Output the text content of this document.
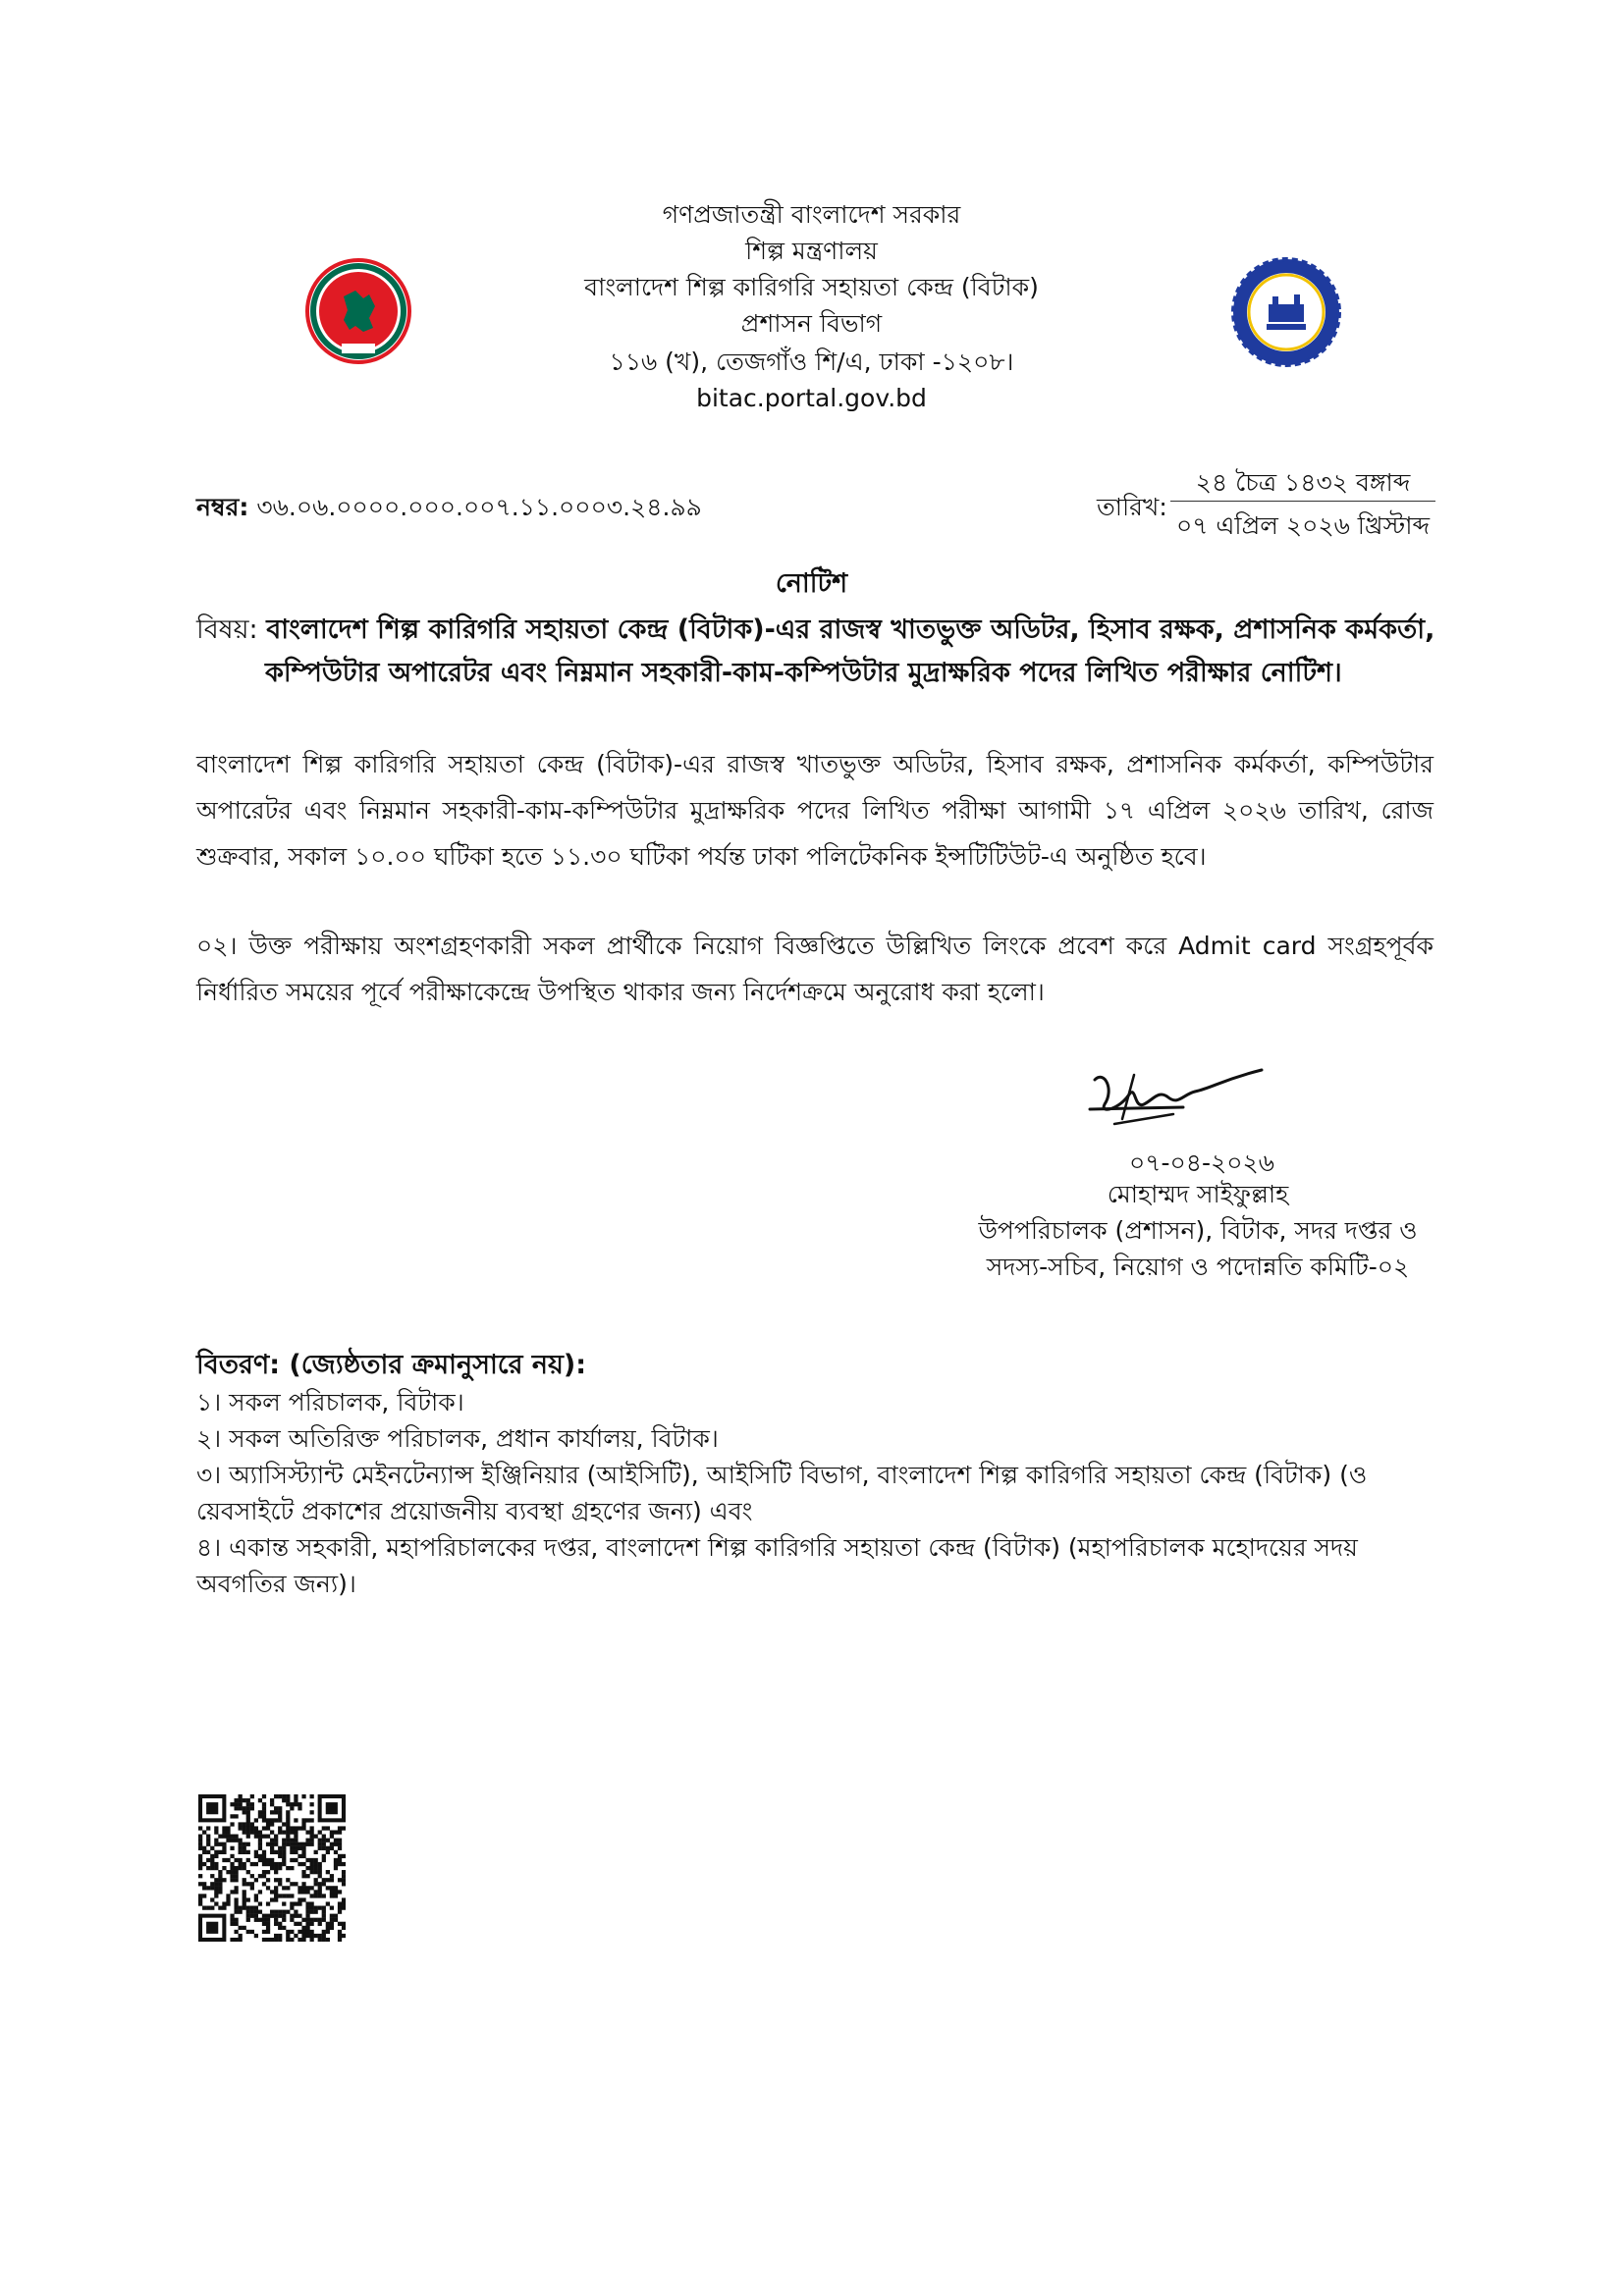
গণপ্রজাতন্ত্রী বাংলাদেশ সরকার
শিল্প মন্ত্রণালয়
বাংলাদেশ শিল্প কারিগরি সহায়তা কেন্দ্র (বিটাক)
প্রশাসন বিভাগ
১১৬ (খ), তেজগাঁও শি/এ, ঢাকা -১২০৮।
bitac.portal.gov.bd
নম্বর: ৩৬.০৬.০০০০.০০০.০০৭.১১.০০০৩.২৪.৯৯	তারিখ:
২৪ চৈত্র ১৪৩২ বঙ্গাব্দ
০৭ এপ্রিল ২০২৬ খ্রিস্টাব্দ
নোটিশ
বিষয়: বাংলাদেশ শিল্প কারিগরি সহায়তা কেন্দ্র (বিটাক)-এর রাজস্ব খাতভুক্ত অডিটর, হিসাব রক্ষক, প্রশাসনিক কর্মকর্তা,
কম্পিউটার অপারেটর এবং নিম্নমান সহকারী-কাম-কম্পিউটার মুদ্রাক্ষরিক পদের লিখিত পরীক্ষার নোটিশ।
বাংলাদেশ শিল্প কারিগরি সহায়তা কেন্দ্র (বিটাক)-এর রাজস্ব খাতভুক্ত অডিটর, হিসাব রক্ষক, প্রশাসনিক কর্মকর্তা, কম্পিউটার অপারেটর এবং নিম্নমান সহকারী-কাম-কম্পিউটার মুদ্রাক্ষরিক পদের লিখিত পরীক্ষা আগামী ১৭ এপ্রিল ২০২৬ তারিখ, রোজ শুক্রবার, সকাল ১০.০০ ঘটিকা হতে ১১.৩০ ঘটিকা পর্যন্ত ঢাকা পলিটেকনিক ইন্সটিটিউট-এ অনুষ্ঠিত হবে।
০২। উক্ত পরীক্ষায় অংশগ্রহণকারী সকল প্রার্থীকে নিয়োগ বিজ্ঞপ্তিতে উল্লিখিত লিংকে প্রবেশ করে Admit card সংগ্রহপূর্বক নির্ধারিত সময়ের পূর্বে পরীক্ষাকেন্দ্রে উপস্থিত থাকার জন্য নির্দেশক্রমে অনুরোধ করা হলো।
০৭-০৪-২০২৬
মোহাম্মদ সাইফুল্লাহ
উপপরিচালক (প্রশাসন), বিটাক, সদর দপ্তর ও
সদস্য-সচিব, নিয়োগ ও পদোন্নতি কমিটি-০২
বিতরণ: (জ্যেষ্ঠতার ক্রমানুসারে নয়):
১। সকল পরিচালক, বিটাক।
২। সকল অতিরিক্ত পরিচালক, প্রধান কার্যালয়, বিটাক।
৩। অ্যাসিস্ট্যান্ট মেইনটেন্যান্স ইঞ্জিনিয়ার (আইসিটি), আইসিটি বিভাগ, বাংলাদেশ শিল্প কারিগরি সহায়তা কেন্দ্র (বিটাক) (ও য়েবসাইটে প্রকাশের প্রয়োজনীয় ব্যবস্থা গ্রহণের জন্য) এবং
৪। একান্ত সহকারী, মহাপরিচালকের দপ্তর, বাংলাদেশ শিল্প কারিগরি সহায়তা কেন্দ্র (বিটাক) (মহাপরিচালক মহোদয়ের সদয় অবগতির জন্য)।
